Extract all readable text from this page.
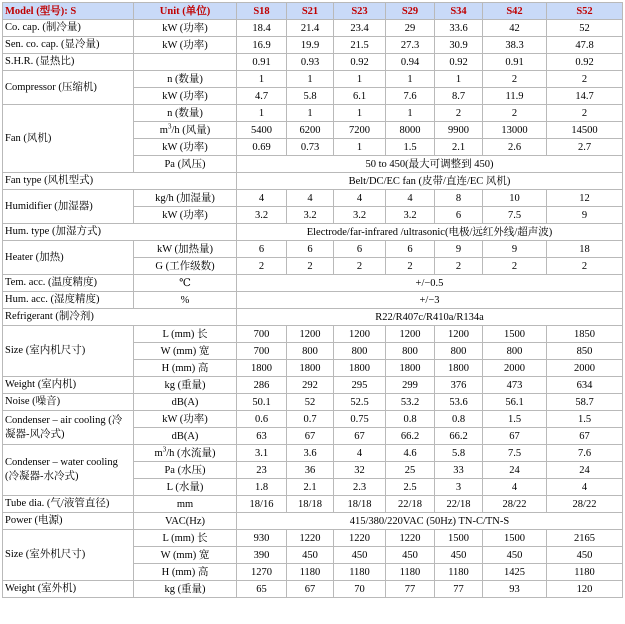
Model (型号): S	Unit (单位)	S18	S21	S23	S29	S34	S42	S52
Co. cap. (制冷量)	kW (功率)	18.4	21.4	23.4	29	33.6	42	52
Sen. co. cap. (显冷量)	kW (功率)	16.9	19.9	21.5	27.3	30.9	38.3	47.8
S.H.R. (显热比)		0.91	0.93	0.92	0.94	0.92	0.91	0.92
Compressor (压缩机)	n (数量)	1	1	1	1	1	2	2
	kW (功率)	4.7	5.8	6.1	7.6	8.7	11.9	14.7
Fan (风机)	n (数量)	1	1	1	1	2	2	2
	$m^3/h$ (风量)	5400	6200	7200	8000	9900	13000	14500
	kW (功率)	0.69	0.73	1	1.5	2.1	2.6	2.7
	Pa (风压)	50 to 450(最大可调整到 450)						
Fan type (风机型式)		Belt/DC/EC fan (皮带/直连/EC 风机)						
Humidifier (加湿器)	kg/h (加湿量)	4	4	4	4	8	10	12
	kW (功率)	3.2	3.2	3.2	3.2	6	7.5	9
Hum. type (加湿方式)		Electrode/far-infrared /ultrasonic(电极/远红外线/超声波)						
Heater (加热)	kW (加热量)	6	6	6	6	9	9	18
	G (工作级数)	2	2	2	2	2	2	2
Tem. acc. (温度精度)	℃	+/−0.5						
Hum. acc. (湿度精度)	%	+/−3						
Refrigerant (制冷剂)		R22/R407c/R410a/R134a						
Size (室内机尺寸)	L (mm) 长	700	1200	1200	1200	1200	1500	1850
	W (mm) 宽	700	800	800	800	800	800	850
	H (mm) 高	1800	1800	1800	1800	1800	2000	2000
Weight (室内机)	kg (重量)	286	292	295	299	376	473	634
Noise (噪音)	dB(A)	50.1	52	52.5	53.2	53.6	56.1	58.7
Condenser – air cooling (冷凝器-风冷式)	kW (功率)	0.6	0.7	0.75	0.8	0.8	1.5	1.5
	dB(A)	63	67	67	66.2	66.2	67	67
Condenser – water cooling (冷凝器-水冷式)	$m^3/h$ (水流量)	3.1	3.6	4	4.6	5.8	7.5	7.6
	Pa (水压)	23	36	32	25	33	24	24
	L (水量)	1.8	2.1	2.3	2.5	3	4	4
Tube dia. (气/液管直径)	mm	18/16	18/18	18/18	22/18	22/18	28/22	28/22
Power (电源)	VAC(Hz)	415/380/220VAC (50Hz) TN-C/TN-S						
Size (室外机尺寸)	L (mm) 长	930	1220	1220	1220	1500	1500	2165
	W (mm) 宽	390	450	450	450	450	450	450
	H (mm) 高	1270	1180	1180	1180	1180	1425	1180
Weight (室外机)	kg (重量)	65	67	70	77	77	93	120
